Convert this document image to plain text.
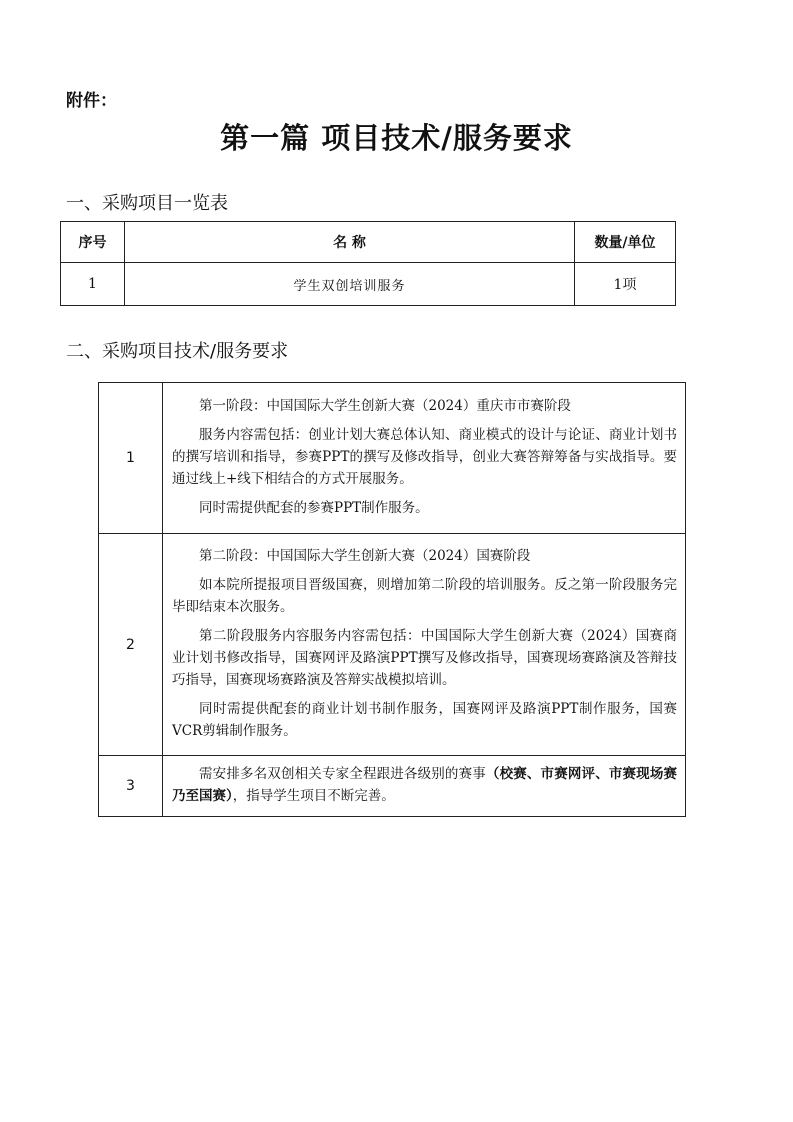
附件：
第一篇 项目技术/服务要求
一、采购项目一览表
序号	名 称	数量/单位
1	学生双创培训服务	1项
二、采购项目技术/服务要求
1	第一阶段：中国国际大学生创新大赛（2024）重庆市市赛阶段

服务内容需包括：创业计划大赛总体认知、商业模式的设计与论证、商业计划书的撰写培训和指导，参赛PPT的撰写及修改指导，创业大赛答辩筹备与实战指导。要通过线上+线下相结合的方式开展服务。

同时需提供配套的参赛PPT制作服务。

2	第二阶段：中国国际大学生创新大赛（2024）国赛阶段

如本院所提报项目晋级国赛，则增加第二阶段的培训服务。反之第一阶段服务完毕即结束本次服务。

第二阶段服务内容服务内容需包括：中国国际大学生创新大赛（2024）国赛商业计划书修改指导，国赛网评及路演PPT撰写及修改指导，国赛现场赛路演及答辩技巧指导，国赛现场赛路演及答辩实战模拟培训。

同时需提供配套的商业计划书制作服务，国赛网评及路演PPT制作服务，国赛VCR剪辑制作服务。

3	需安排多名双创相关专家全程跟进各级别的赛事（校赛、市赛网评、市赛现场赛乃至国赛），指导学生项目不断完善。
